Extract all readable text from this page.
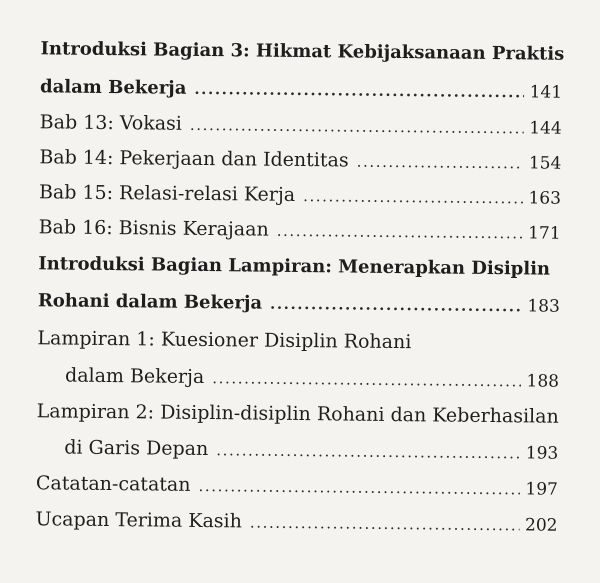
Introduksi Bagian 3: Hikmat Kebijaksanaan Praktis
dalam Bekerja .....	141
Bab 13: Vokasi .....	144
Bab 14: Pekerjaan dan Identitas .....	154
Bab 15: Relasi-relasi Kerja .....	163
Bab 16: Bisnis Kerajaan .....	171
Introduksi Bagian Lampiran: Menerapkan Disiplin
Rohani dalam Bekerja .....	183
Lampiran 1: Kuesioner Disiplin Rohani
dalam Bekerja .....	188
Lampiran 2: Disiplin-disiplin Rohani dan Keberhasilan
di Garis Depan .....	193
Catatan-catatan .....	197
Ucapan Terima Kasih .....	202
